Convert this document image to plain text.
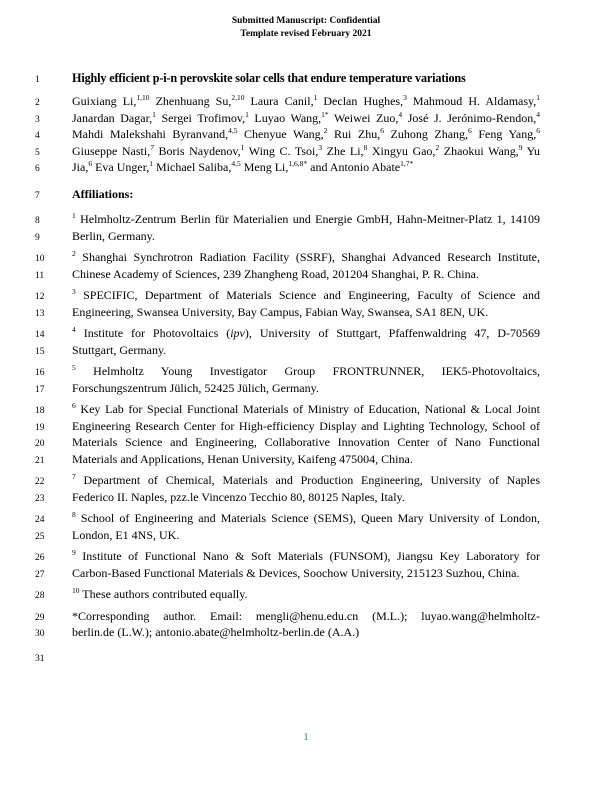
Submitted Manuscript: Confidential
Template revised February 2021
1	Highly efficient p-i-n perovskite solar cells that endure temperature variations
2	Guixiang Li,$^{1,10}$ Zhenhuang Su,$^{2,10}$ Laura Canil,$^1$ Declan Hughes,$^3$ Mahmoud H. Aldamasy,$^1$
3	Janardan Dagar,$^1$ Sergei Trofimov,$^1$ Luyao Wang,$^{1*}$ Weiwei Zuo,$^4$ José J. Jerónimo-Rendon,$^4$
4	Mahdi Malekshahi Byranvand,$^{4,5}$ Chenyue Wang,$^2$ Rui Zhu,$^6$ Zuhong Zhang,$^6$ Feng Yang,$^6$
5	Giuseppe Nasti,$^7$ Boris Naydenov,$^1$ Wing C. Tsoi,$^3$ Zhe Li,$^8$ Xingyu Gao,$^2$ Zhaokui Wang,$^9$ Yu
6	Jia,$^6$ Eva Unger,$^1$ Michael Saliba,$^{4,5}$ Meng Li,$^{1,6,8*}$ and Antonio Abate$^{1,7*}$
7	Affiliations:
8
$^1$ Helmholtz-Zentrum Berlin für Materialien und Energie GmbH, Hahn-Meitner-Platz 1, 14109
9	Berlin, Germany.
10
$^2$ Shanghai Synchrotron Radiation Facility (SSRF), Shanghai Advanced Research Institute,
11	Chinese Academy of Sciences, 239 Zhangheng Road, 201204 Shanghai, P. R. China.
12
$^3$ SPECIFIC, Department of Materials Science and Engineering, Faculty of Science and
13	Engineering, Swansea University, Bay Campus, Fabian Way, Swansea, SA1 8EN, UK.
14
$^4$ Institute for Photovoltaics (ipv), University of Stuttgart, Pfaffenwaldring 47, D-70569
15	Stuttgart, Germany.
16
$^5$ Helmholtz Young Investigator Group FRONTRUNNER, IEK5-Photovoltaics,
17	Forschungszentrum Jülich, 52425 Jülich, Germany.
18
$^6$ Key Lab for Special Functional Materials of Ministry of Education, National & Local Joint
19	Engineering Research Center for High-efficiency Display and Lighting Technology, School of
20	Materials Science and Engineering, Collaborative Innovation Center of Nano Functional
21	Materials and Applications, Henan University, Kaifeng 475004, China.
22
$^7$ Department of Chemical, Materials and Production Engineering, University of Naples
23	Federico II. Naples, pzz.le Vincenzo Tecchio 80, 80125 Naples, Italy.
24
$^8$ School of Engineering and Materials Science (SEMS), Queen Mary University of London,
25	London, E1 4NS, UK.
26
$^9$ Institute of Functional Nano & Soft Materials (FUNSOM), Jiangsu Key Laboratory for
27	Carbon-Based Functional Materials & Devices, Soochow University, 215123 Suzhou, China.
28
$^{10}$ These authors contributed equally.
29	*Corresponding author. Email: mengli@henu.edu.cn (M.L.); luyao.wang@helmholtz-
30	berlin.de (L.W.); antonio.abate@helmholtz-berlin.de (A.A.)
31
1
